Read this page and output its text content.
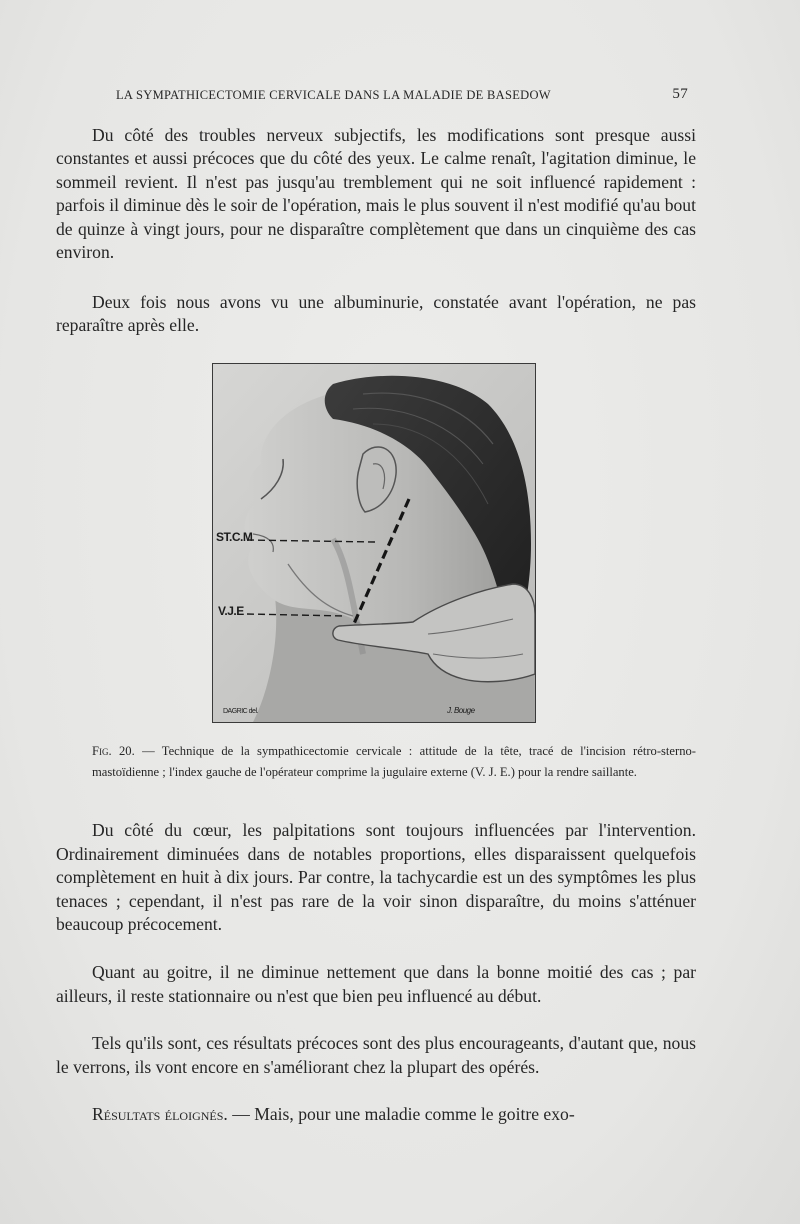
LA SYMPATHICECTOMIE CERVICALE DANS LA MALADIE DE BASEDOW	57

Du côté des troubles nerveux subjectifs, les modifications sont presque aussi constantes et aussi précoces que du côté des yeux. Le calme renaît, l'agitation diminue, le sommeil revient. Il n'est pas jusqu'au tremblement qui ne soit influencé rapidement : parfois il diminue dès le soir de l'opération, mais le plus souvent il n'est modifié qu'au bout de quinze à vingt jours, pour ne disparaître complètement que dans un cinquième des cas environ.

Deux fois nous avons vu une albuminurie, constatée avant l'opération, ne pas reparaître après elle.

ST.C.M
V.J.E
DAGRIC del.	J. Bouge

Fig. 20. — Technique de la sympathicectomie cervicale : attitude de la tête, tracé de l'incision rétro-sterno-mastoïdienne ; l'index gauche de l'opérateur comprime la jugulaire externe (V. J. E.) pour la rendre saillante.

Du côté du cœur, les palpitations sont toujours influencées par l'intervention. Ordinairement diminuées dans de notables proportions, elles disparaissent quelquefois complètement en huit à dix jours. Par contre, la tachycardie est un des symptômes les plus tenaces ; cependant, il n'est pas rare de la voir sinon disparaître, du moins s'atténuer beaucoup précocement.

Quant au goitre, il ne diminue nettement que dans la bonne moitié des cas ; par ailleurs, il reste stationnaire ou n'est que bien peu influencé au début.

Tels qu'ils sont, ces résultats précoces sont des plus encourageants, d'autant que, nous le verrons, ils vont encore en s'améliorant chez la plupart des opérés.

Résultats éloignés. — Mais, pour une maladie comme le goitre exo-
